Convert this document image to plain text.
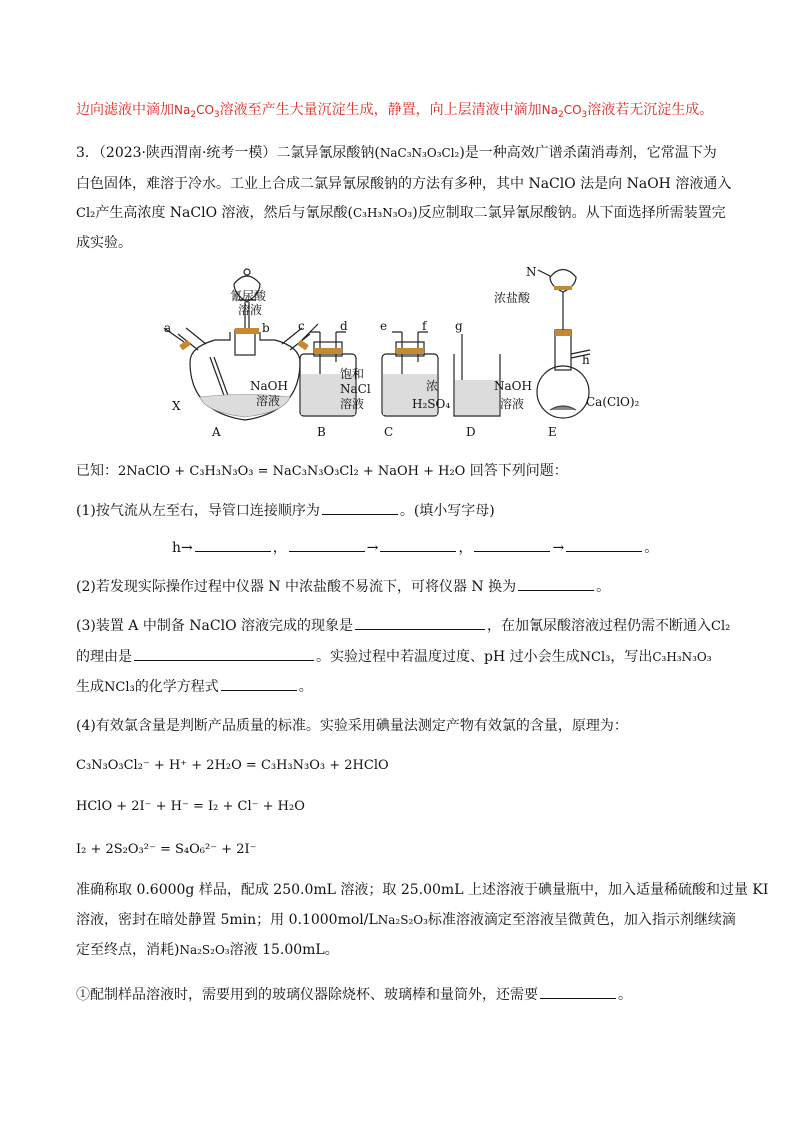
边向滤液中滴加$Na_2CO_3$溶液至产生大量沉淀生成，静置，向上层清液中滴加$Na_2CO_3$溶液若无沉淀生成。
3．（2023·陕西渭南·统考一模）二氯异氰尿酸钠(NaC₃N₃O₃Cl₂)是一种高效广谱杀菌消毒剂，它常温下为
白色固体，难溶于冷水。工业上合成二氯异氰尿酸钠的方法有多种，其中 NaClO 法是向 NaOH 溶液通入
Cl₂产生高浓度 NaClO 溶液，然后与氰尿酸(C₃H₃N₃O₃)反应制取二氯异氰尿酸钠。从下面选择所需装置完
成实验。
氰尿酸
溶液
a	b c	d	e	f g
h
X
NaOH
溶液
饱和
NaCl
溶液
浓
H₂SO₄
NaOH
溶液
N
浓盐酸
Ca(ClO)₂
A	B	C	D	E
已知：2NaClO + C₃H₃N₃O₃ = NaC₃N₃O₃Cl₂ + NaOH + H₂O 回答下列问题：
(1)按气流从左至右，导管口连接顺序为	。(填小写字母)
h→	，	→	，	→	。
(2)若发现实际操作过程中仪器 N 中浓盐酸不易流下，可将仪器 N 换为	。
(3)装置 A 中制备 NaClO 溶液完成的现象是	，在加氰尿酸溶液过程仍需不断通入Cl₂
的理由是	。实验过程中若温度过度、pH 过小会生成NCl₃，写出C₃H₃N₃O₃
生成NCl₃的化学方程式	。
(4)有效氯含量是判断产品质量的标准。实验采用碘量法测定产物有效氯的含量，原理为：
C₃N₃O₃Cl₂⁻ + H⁺ + 2H₂O = C₃H₃N₃O₃ + 2HClO
HClO + 2I⁻ + H⁻ = I₂ + Cl⁻ + H₂O
I₂ + 2S₂O₃²⁻ = S₄O₆²⁻ + 2I⁻
准确称取 0.6000g 样品，配成 250.0mL 溶液；取 25.00mL 上述溶液于碘量瓶中，加入适量稀硫酸和过量 KI
溶液，密封在暗处静置 5min；用 0.1000mol/LNa₂S₂O₃标准溶液滴定至溶液呈微黄色，加入指示剂继续滴
定至终点，消耗)Na₂S₂O₃溶液 15.00mL。
①配制样品溶液时，需要用到的玻璃仪器除烧杯、玻璃棒和量筒外，还需要	。
